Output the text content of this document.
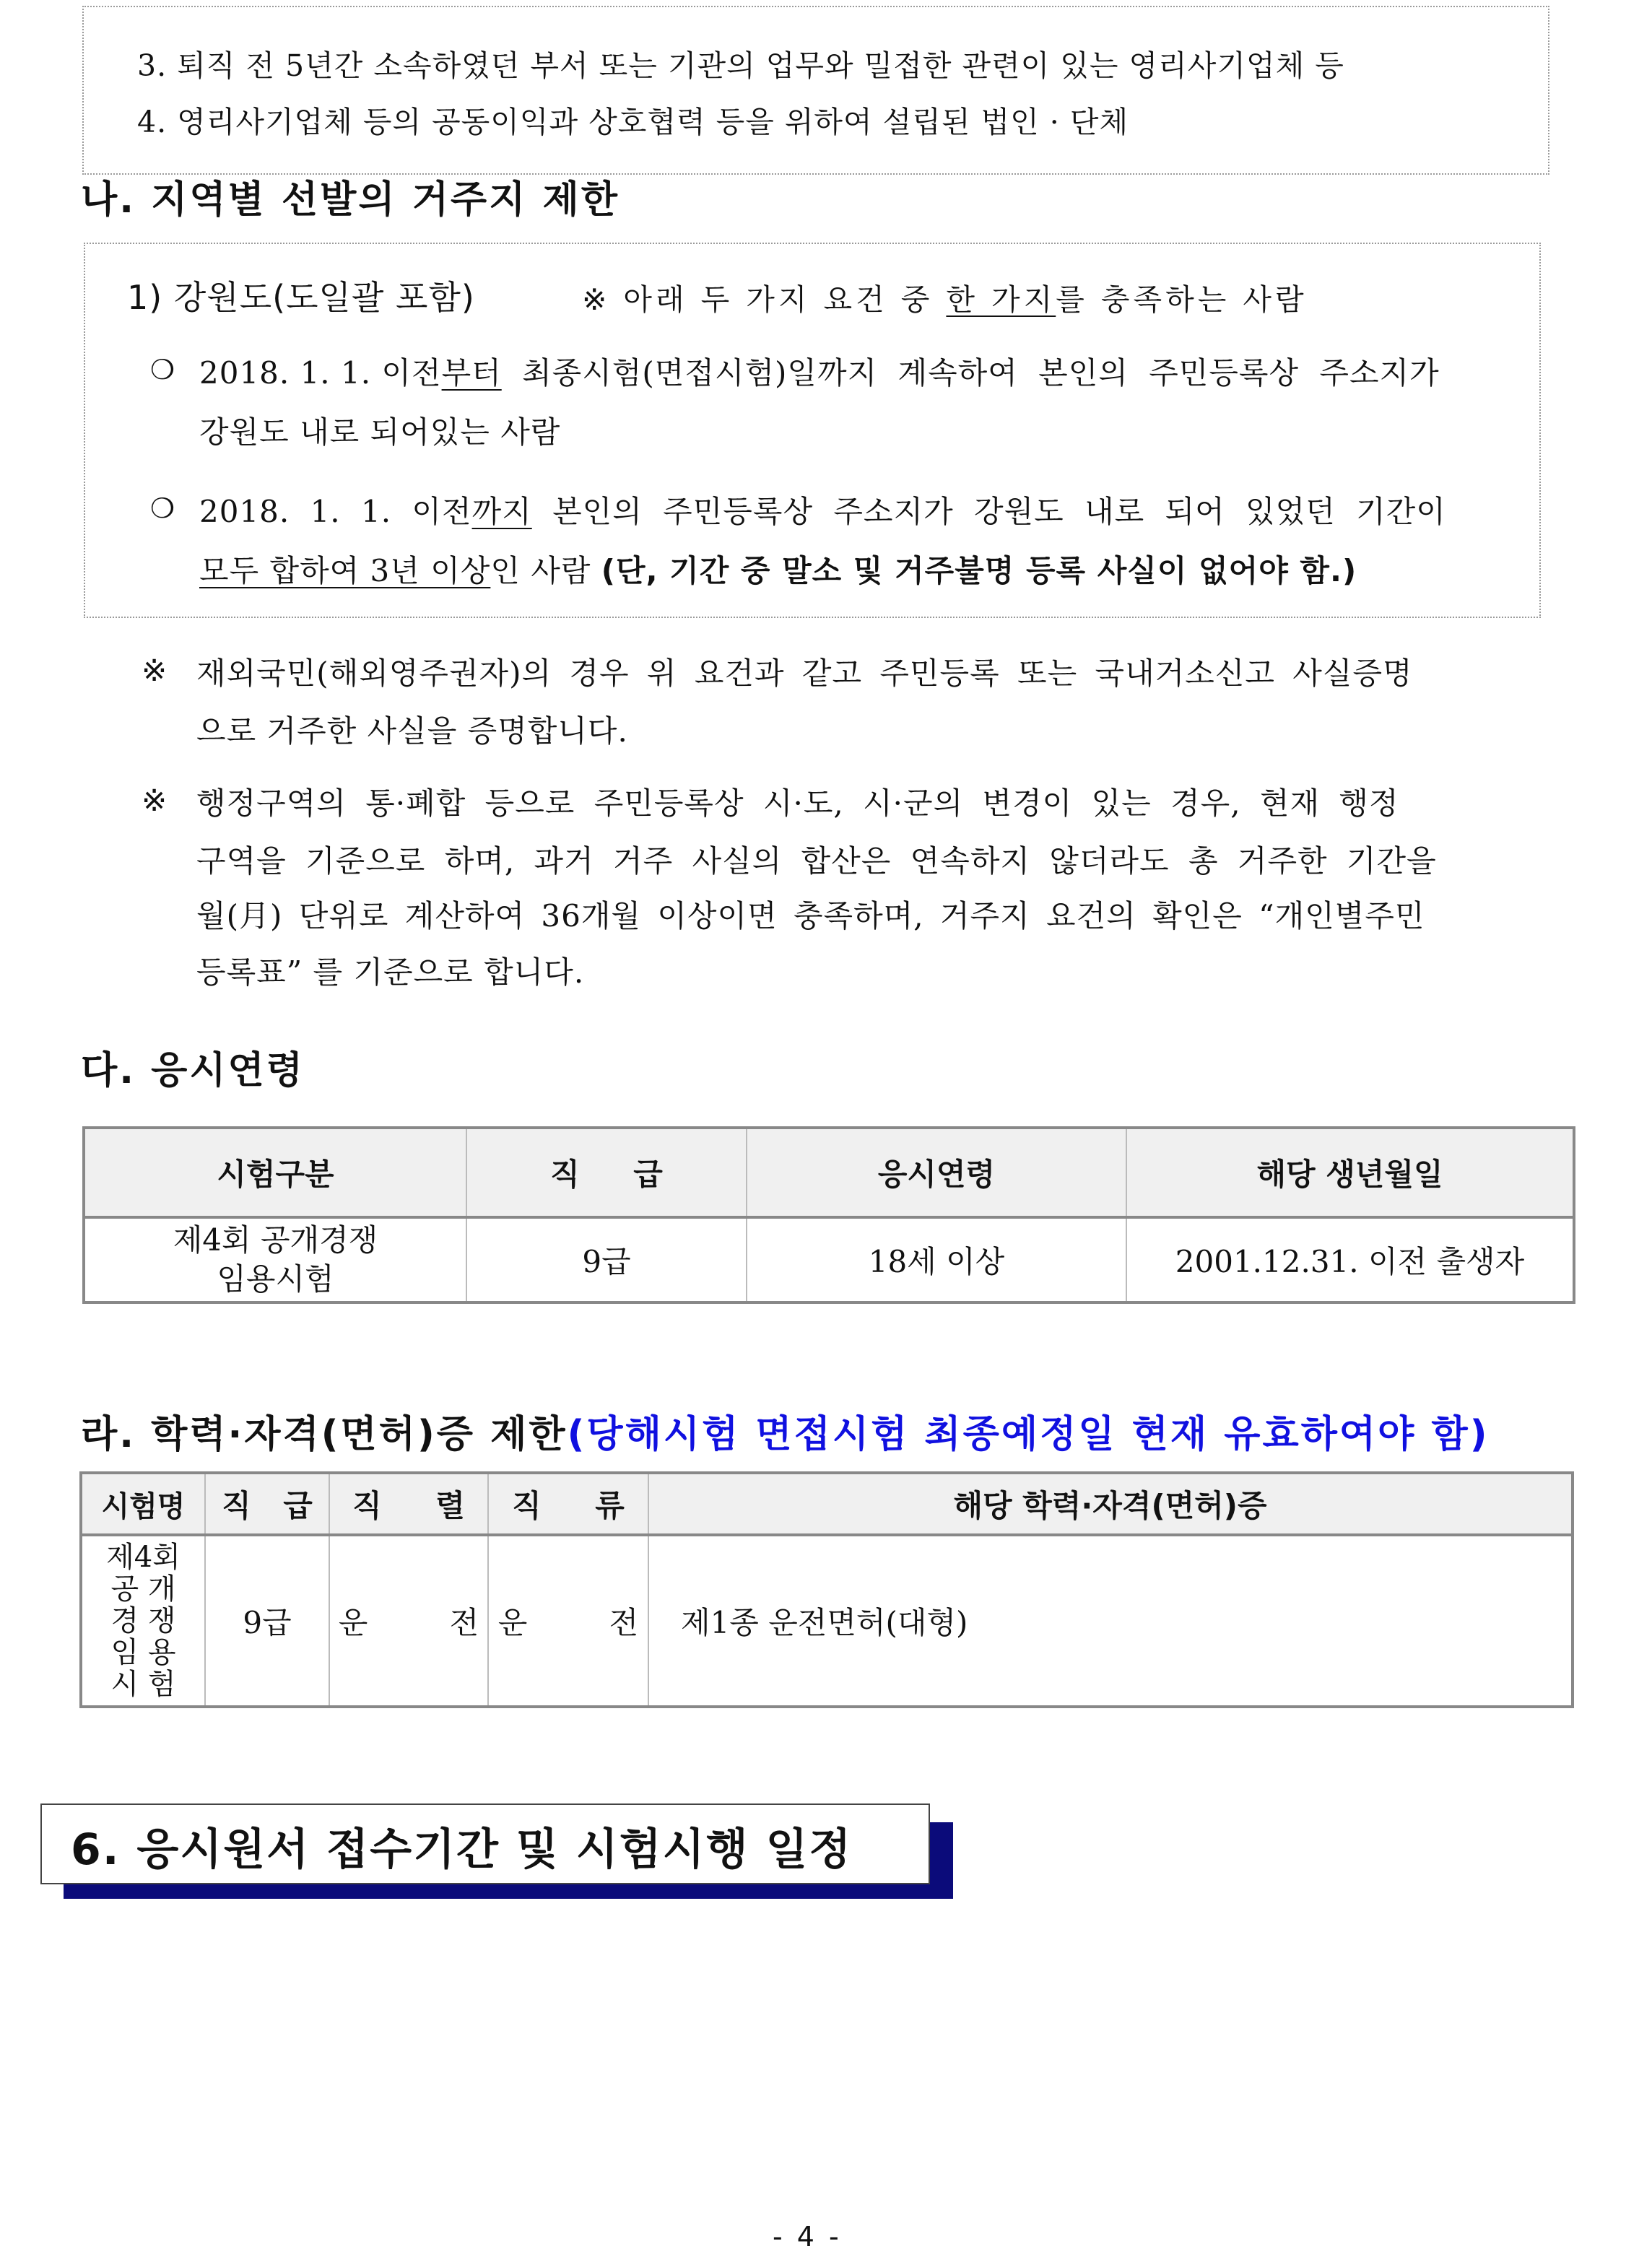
3. 퇴직 전 5년간 소속하였던 부서 또는 기관의 업무와 밀접한 관련이 있는 영리사기업체 등
4. 영리사기업체 등의 공동이익과 상호협력 등을 위하여 설립된 법인 · 단체
나. 지역별 선발의 거주지 제한
1) 강원도(도일괄 포함)	※ 아래 두 가지 요건 중 한 가지를 충족하는 사람
❍ 2018. 1. 1. 이전부터 최종시험(면접시험)일까지 계속하여 본인의 주민등록상 주소지가
강원도 내로 되어있는 사람
❍ 2018. 1. 1. 이전까지 본인의 주민등록상 주소지가 강원도 내로 되어 있었던 기간이
모두 합하여 3년 이상인 사람 (단, 기간 중 말소 및 거주불명 등록 사실이 없어야 함.)
※ 재외국민(해외영주권자)의 경우 위 요건과 같고 주민등록 또는 국내거소신고 사실증명
으로 거주한 사실을 증명합니다.
※ 행정구역의 통·폐합 등으로 주민등록상 시·도, 시·군의 변경이 있는 경우, 현재 행정
구역을 기준으로 하며, 과거 거주 사실의 합산은 연속하지 않더라도 총 거주한 기간을
월(月) 단위로 계산하여 36개월 이상이면 충족하며, 거주지 요건의 확인은 “개인별주민
등록표” 를 기준으로 합니다.
다. 응시연령
시험구분	직 급	응시연령	해당 생년월일

제4회 공개경쟁
임용시험	9급	18세 이상	2001.12.31. 이전 출생자
라. 학력·자격(면허)증 제한(당해시험 면접시험 최종예정일 현재 유효하여야 함)
시험명	직 급	직 렬	직 류	해당 학력·자격(면허)증

제4회
공 개
경 쟁
임 용
시 험	9급	운 전	운 전	제1종 운전면허(대형)
6. 응시원서 접수기간 및 시험시행 일정
- 4 -
